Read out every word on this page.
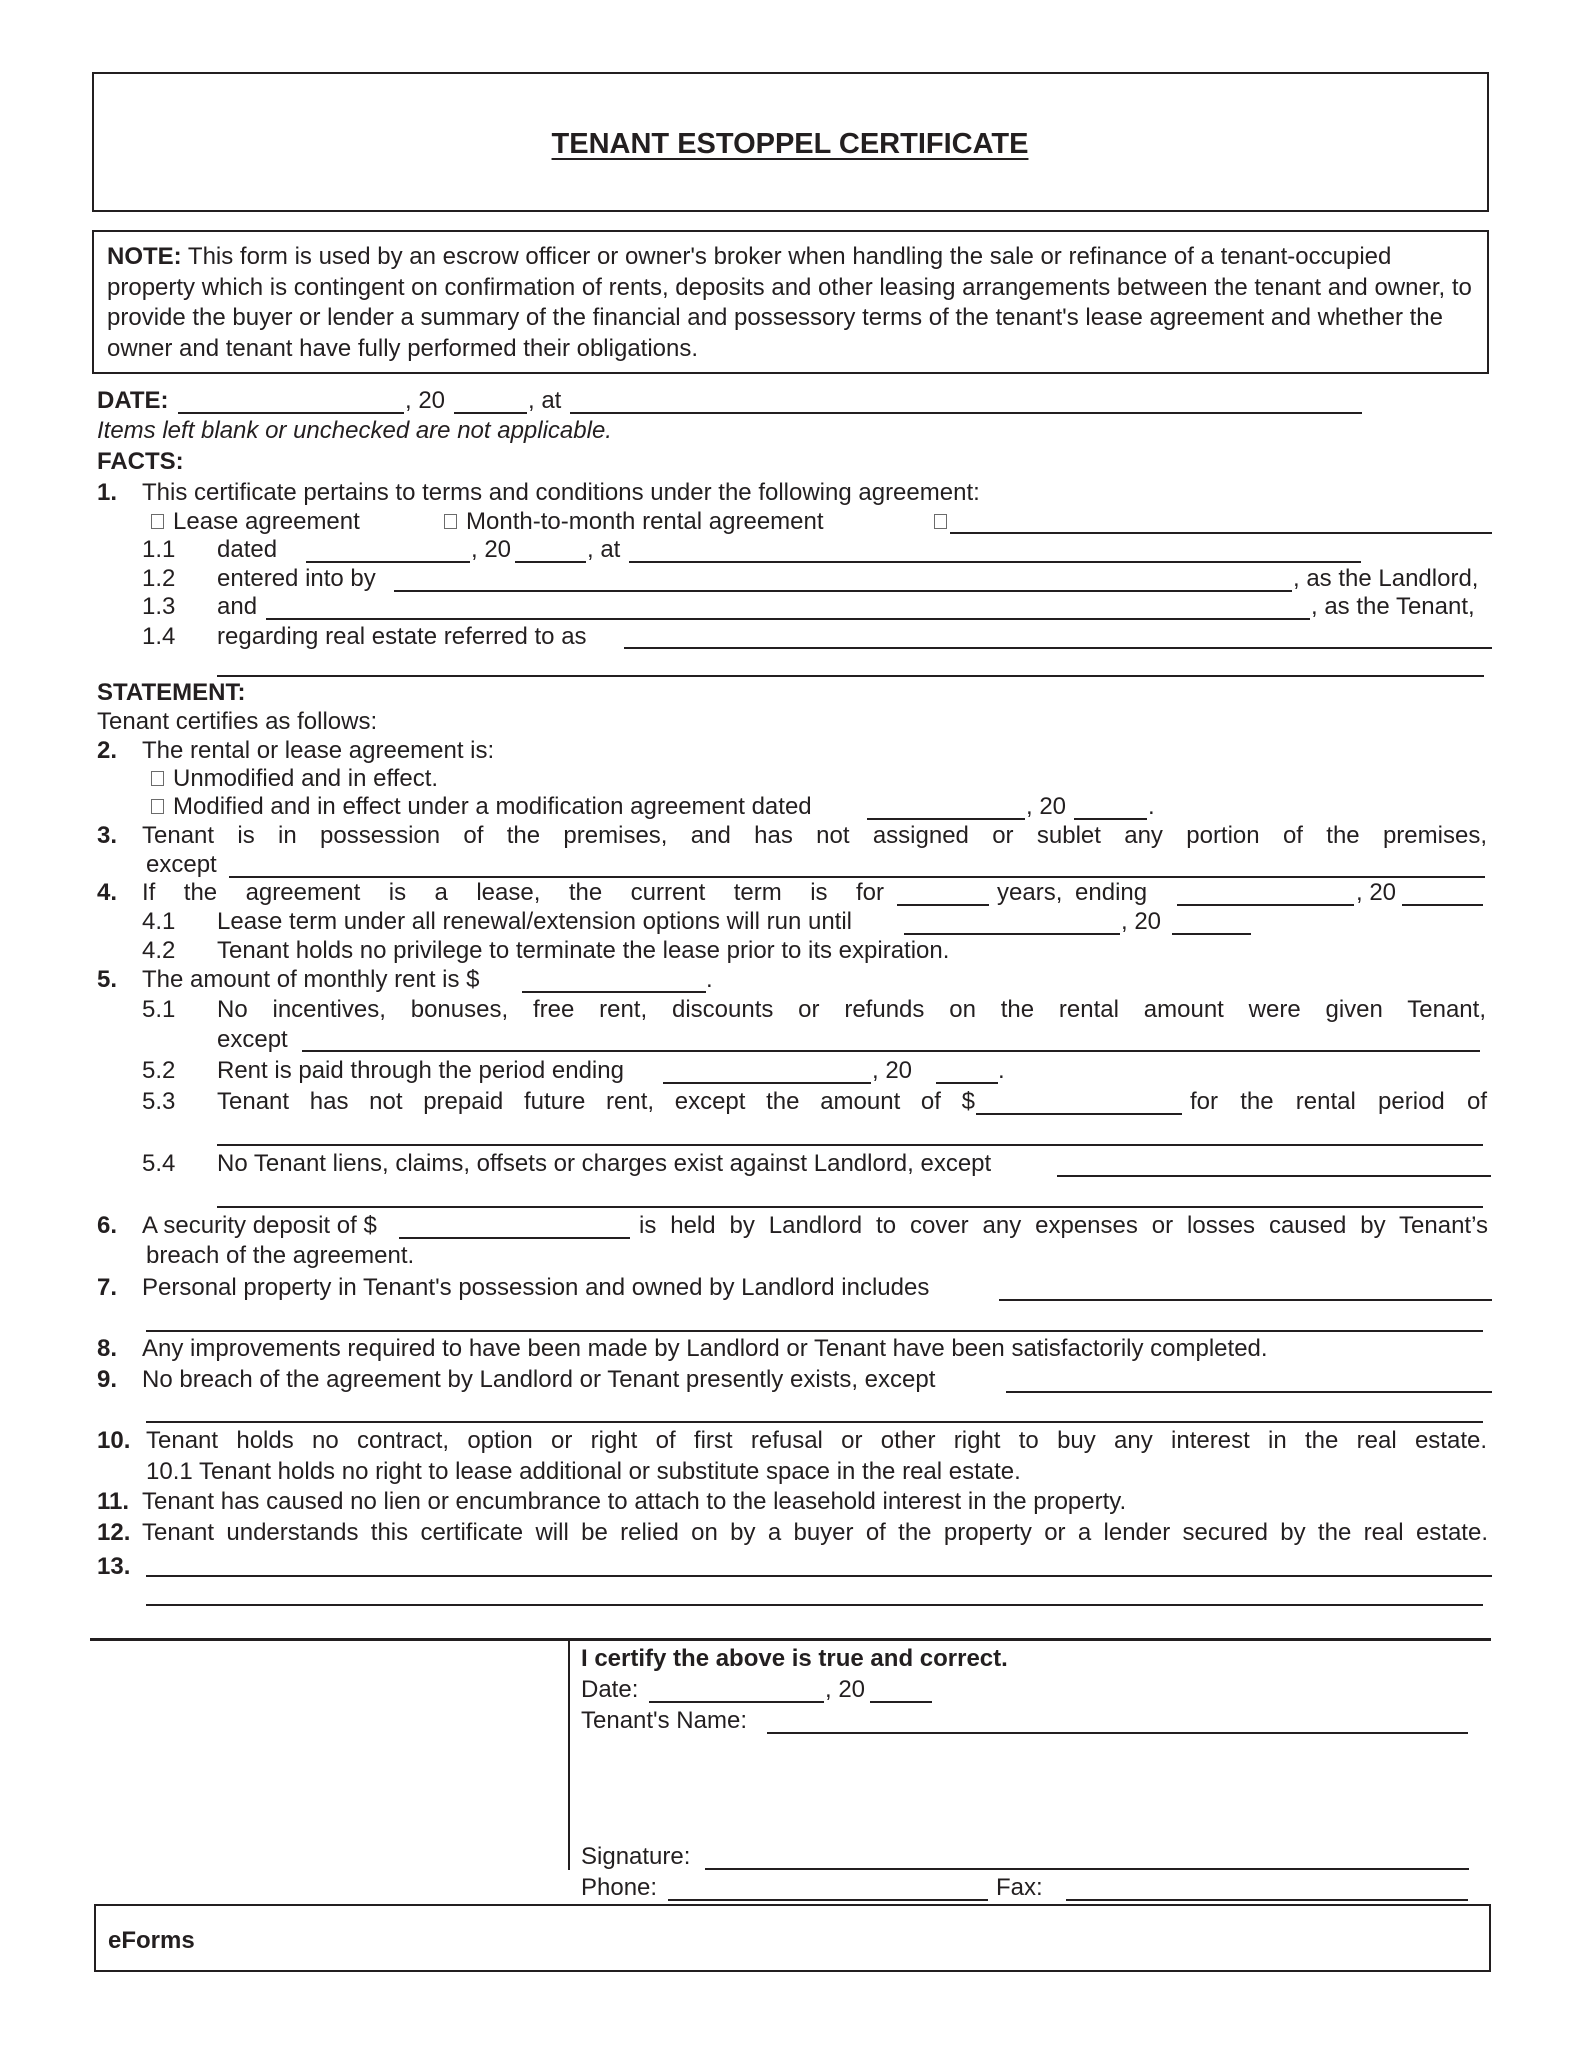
TENANT ESTOPPEL CERTIFICATE
NOTE: This form is used by an escrow officer or owner's broker when handling the sale or refinance of a tenant-occupied property which is contingent on confirmation of rents, deposits and other leasing arrangements between the tenant and owner, to provide the buyer or lender a summary of the financial and possessory terms of the tenant's lease agreement and whether the owner and tenant have fully performed their obligations.
DATE:	, 20	, at
Items left blank or unchecked are not applicable.
FACTS:
1. This certificate pertains to terms and conditions under the following agreement:
Lease agreement	Month-to-month rental agreement
1.1 dated	, 20	, at
1.2 entered into by	, as the Landlord,
1.3 and	, as the Tenant,
1.4 regarding real estate referred to as
STATEMENT:
Tenant certifies as follows:
2. The rental or lease agreement is:
Unmodified and in effect.
Modified and in effect under a modification agreement dated	, 20	.
3. Tenant is in possession of the premises, and has not assigned or sublet any portion of the premises,
except
4. If the agreement is a lease, the current term is for	years, ending	, 20
4.1 Lease term under all renewal/extension options will run until	, 20
4.2 Tenant holds no privilege to terminate the lease prior to its expiration.
5. The amount of monthly rent is $	.
5.1 No incentives, bonuses, free rent, discounts or refunds on the rental amount were given Tenant,
except
5.2 Rent is paid through the period ending	, 20	.
5.3 Tenant has not prepaid future rent, except the amount of $	for the rental period of
5.4 No Tenant liens, claims, offsets or charges exist against Landlord, except
6. A security deposit of $	is held by Landlord to cover any expenses or losses caused by Tenant’s
breach of the agreement.
7. Personal property in Tenant's possession and owned by Landlord includes
8. Any improvements required to have been made by Landlord or Tenant have been satisfactorily completed.
9. No breach of the agreement by Landlord or Tenant presently exists, except
10. Tenant holds no contract, option or right of first refusal or other right to buy any interest in the real estate.
10.1 Tenant holds no right to lease additional or substitute space in the real estate.
11. Tenant has caused no lien or encumbrance to attach to the leasehold interest in the property.
12. Tenant understands this certificate will be relied on by a buyer of the property or a lender secured by the real estate.
13.
I certify the above is true and correct.
Date:	, 20
Tenant's Name:
Signature:
Phone:	Fax:
eForms
